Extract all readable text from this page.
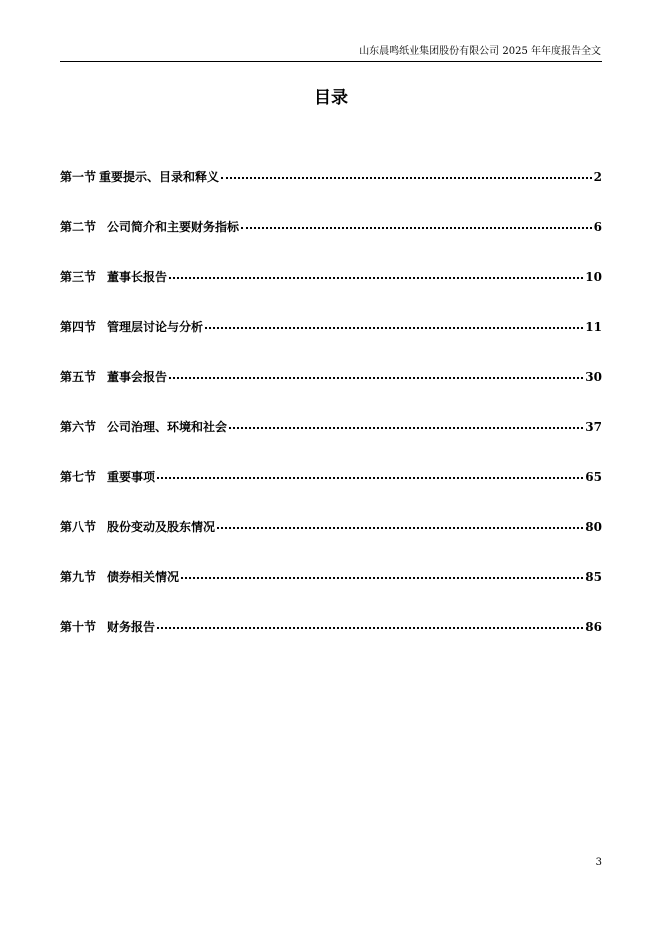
山东晨鸣纸业集团股份有限公司 2025 年年度报告全文
目录
第一节 重要提示、目录和释义	2
第二节 公司简介和主要财务指标	6
第三节 董事长报告	10
第四节 管理层讨论与分析	11
第五节 董事会报告	30
第六节 公司治理、环境和社会	37
第七节 重要事项	65
第八节 股份变动及股东情况	80
第九节 债券相关情况	85
第十节 财务报告	86
3
